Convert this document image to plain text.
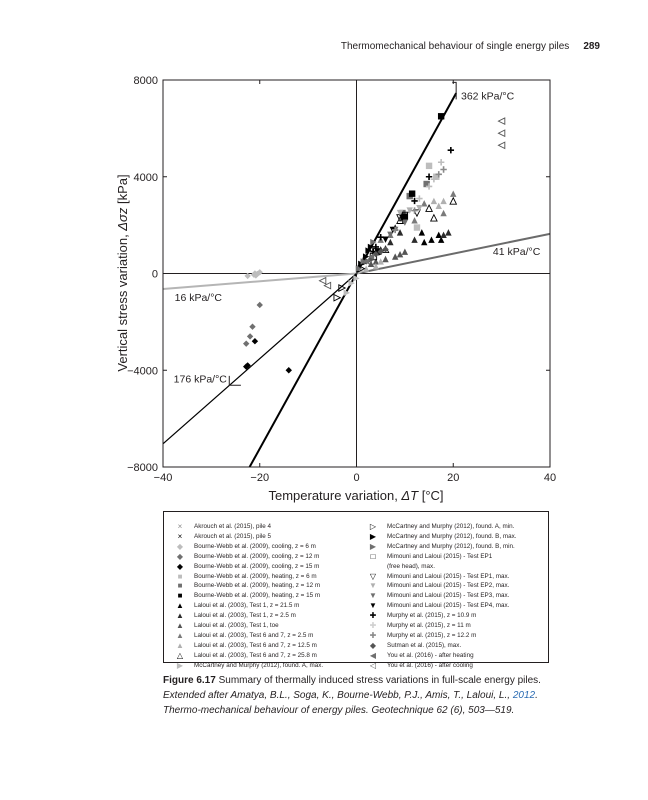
Thermomechanical behaviour of single energy piles 289
−40	−20	0	20	40
−8000
−4000
0
4000
8000
362 kPa/°C
41 kPa/°C
16 kPa/°C
176 kPa/°C
Temperature variation, ΔT [°C]
Vertical stress variation, Δσz [kPa]
×	Akrouch et al. (2015), pile 4
×	Akrouch et al. (2015), pile 5
◆	Bourne-Webb et al. (2009), cooling, z = 6 m
◆	Bourne-Webb et al. (2009), cooling, z = 12 m
◆	Bourne-Webb et al. (2009), cooling, z = 15 m
■	Bourne-Webb et al. (2009), heating, z = 6 m
■	Bourne-Webb et al. (2009), heating, z = 12 m
■	Bourne-Webb et al. (2009), heating, z = 15 m
▲	Laloui et al. (2003), Test 1, z = 21.5 m
▲	Laloui et al. (2003), Test 1, z = 2.5 m
▲	Laloui et al. (2003), Test 1, toe
▲	Laloui et al. (2003), Test 6 and 7, z = 2.5 m
▲	Laloui et al. (2003), Test 6 and 7, z = 12.5 m
△	Laloui et al. (2003), Test 6 and 7, z = 25.8 m
▶	McCartney and Murphy (2012), found. A, max.
▷	McCartney and Murphy (2012), found. A, min.
▶	McCartney and Murphy (2012), found. B, max.
▶	McCartney and Murphy (2012), found. B, min.
□	Mimouni and Laloui (2015) - Test EP1
(free head), max.
▽	Mimouni and Laloui (2015) - Test EP1, max.
▼	Mimouni and Laloui (2015) - Test EP2, max.
▼	Mimouni and Laloui (2015) - Test EP3, max.
▼	Mimouni and Laloui (2015) - Test EP4, max.
✚	Murphy et al. (2015), z = 10.9 m
✚	Murphy et al. (2015), z = 11 m
✚	Murphy et al. (2015), z = 12.2 m
◆	Sutman et al. (2015), max.
◀	You et al. (2016) - after heating
◁	You et al. (2016) - after cooling
Figure 6.17 Summary of thermally induced stress variations in full-scale energy piles. Extended after Amatya, B.L., Soga, K., Bourne-Webb, P.J., Amis, T., Laloui, L., 2012. Thermo-mechanical behaviour of energy piles. Geotechnique 62 (6), 503—519.
